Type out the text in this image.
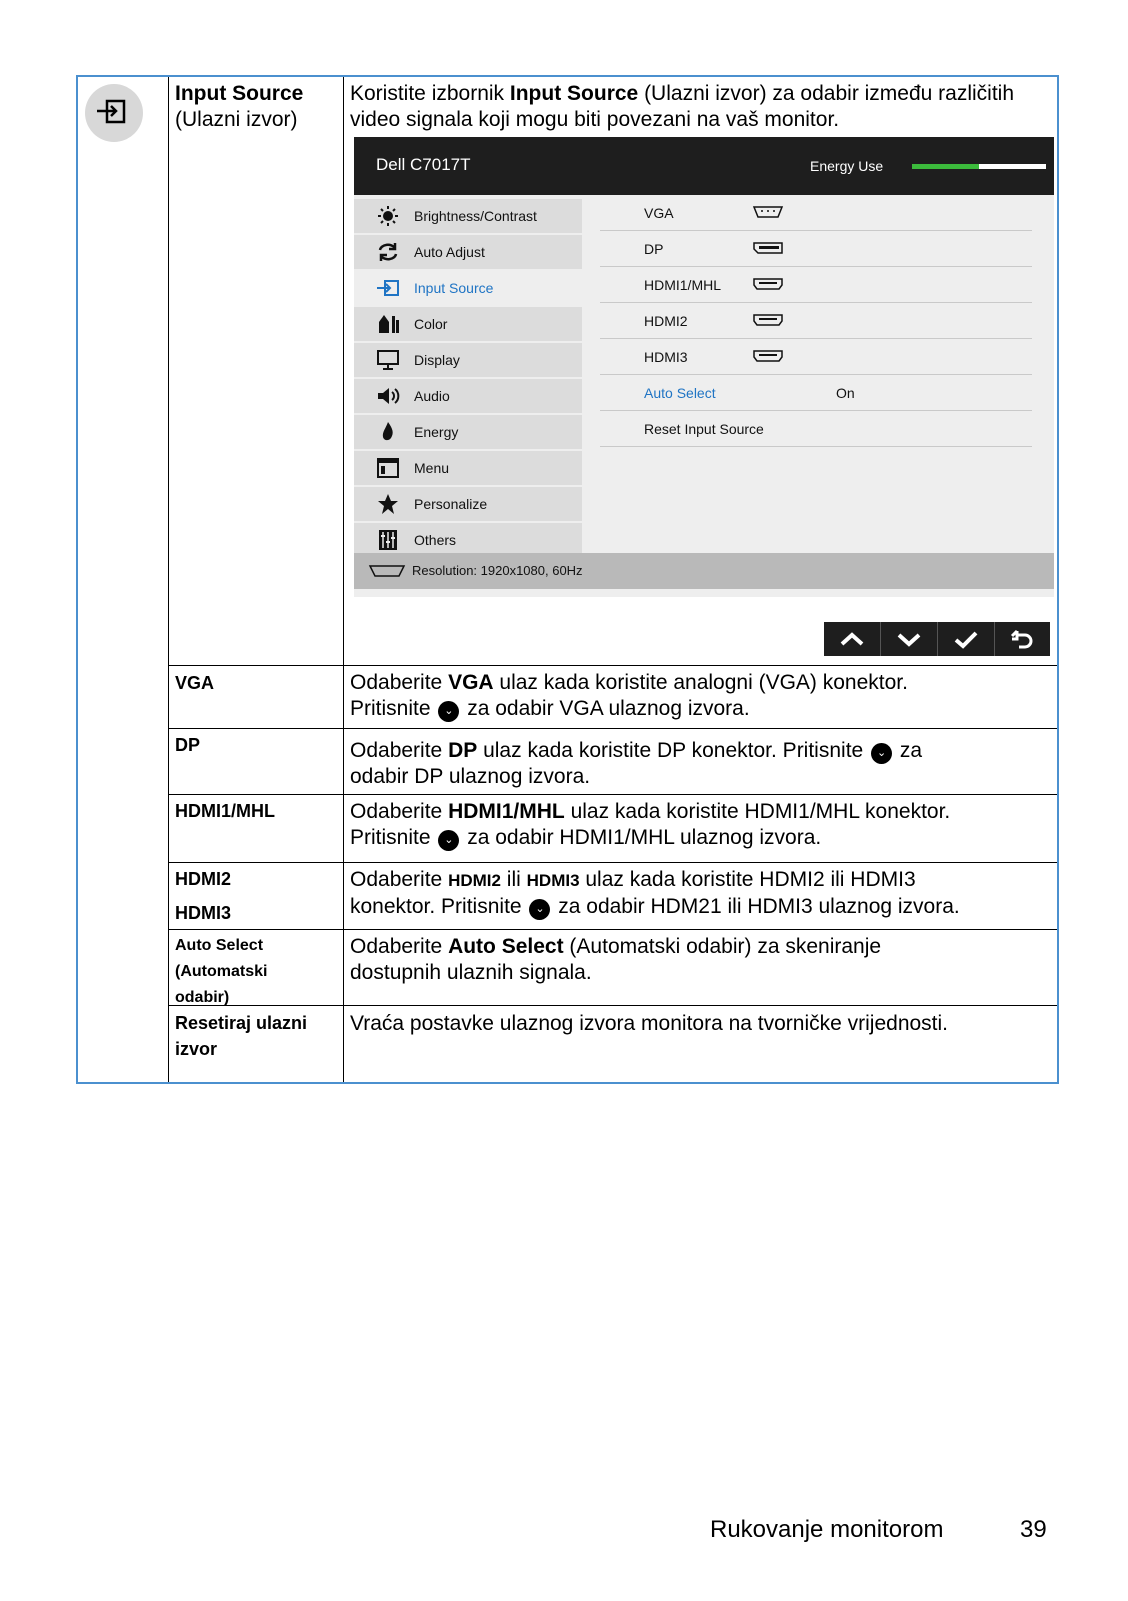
Input Source
(Ulazni izvor)
Koristite izbornik Input Source (Ulazni izvor) za odabir između različitih video signala koji mogu biti povezani na vaš monitor.
Dell C7017T	Energy Use
Brightness/Contrast
Auto Adjust
Input Source
Color
Display
Audio
Energy
Menu
Personalize
Others
VGA
DP
HDMI1/MHL
HDMI2
HDMI3
Auto Select	On
Reset Input Source
Resolution: 1920x1080, 60Hz
VGA	Odaberite VGA ulaz kada koristite analogni (VGA) konektor.
Pritisnite ⌄ za odabir VGA ulaznog izvora.
DP	Odaberite DP ulaz kada koristite DP konektor. Pritisnite ⌄ za
odabir DP ulaznog izvora.
HDMI1/MHL	Odaberite HDMI1/MHL ulaz kada koristite HDMI1/MHL konektor.
Pritisnite ⌄ za odabir HDMI1/MHL ulaznog izvora.
HDMI2
HDMI3
Odaberite HDMI2 ili HDMI3 ulaz kada koristite HDMI2 ili HDMI3
konektor. Pritisnite ⌄ za odabir HDM21 ili HDMI3 ulaznog izvora.
Auto Select
(Automatski
odabir)
Odaberite Auto Select (Automatski odabir) za skeniranje
dostupnih ulaznih signala.
Resetiraj ulazni
izvor
Vraća postavke ulaznog izvora monitora na tvorničke vrijednosti.
Rukovanje monitorom	39
